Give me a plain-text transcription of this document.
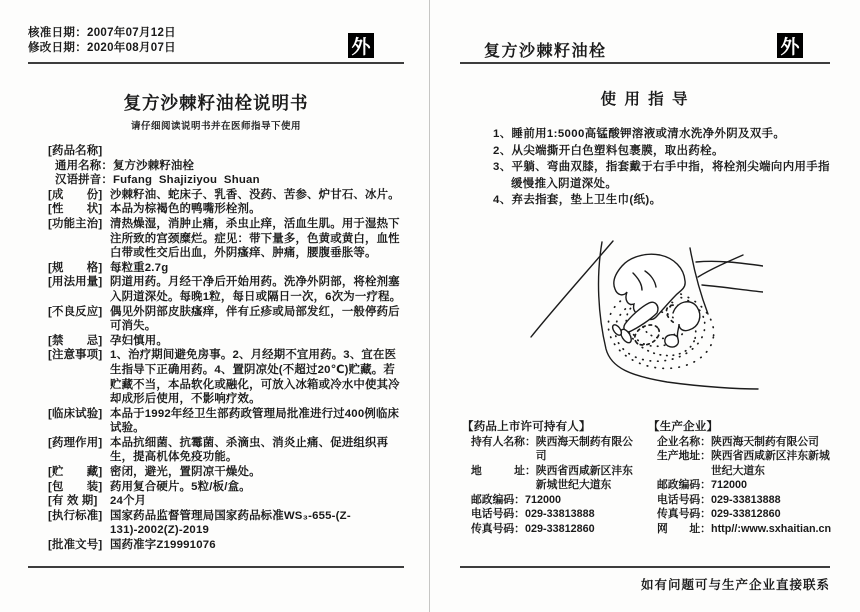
核准日期：2007年07月12日
修改日期：2020年08月07日	外
复方沙棘籽油栓说明书
请仔细阅读说明书并在医师指导下使用
[药品名称]
通用名称： 复方沙棘籽油栓
汉语拼音： Fufang  Shajiziyou  Shuan
[成　　份] 沙棘籽油、蛇床子、乳香、没药、苦参、炉甘石、冰片。
[性　　状] 本品为棕褐色的鸭嘴形栓剂。
[功能主治] 清热燥湿，消肿止痛，杀虫止痒，活血生肌。用于湿热下注所致的宫颈糜烂。症见：带下量多，色黄或黄白，血性白带或性交后出血，外阴瘙痒、肿痛，腰腹垂胀等。
[规　　格] 每粒重2.7g
[用法用量] 阴道用药。月经干净后开始用药。洗净外阴部，将栓剂塞入阴道深处。每晚1粒，每日或隔日一次，6次为一疗程。
[不良反应] 偶见外阴部皮肤瘙痒，伴有丘疹或局部发红，一般停药后可消失。
[禁　　忌] 孕妇慎用。
[注意事项] 1、治疗期间避免房事。2、月经期不宜用药。3、宜在医生指导下正确用药。4、置阴凉处(不超过20℃)贮藏。若贮藏不当，本品软化或融化，可放入冰箱或冷水中使其冷却成形后使用，不影响疗效。
[临床试验] 本品于1992年经卫生部药政管理局批准进行过400例临床试验。
[药理作用] 本品抗细菌、抗霉菌、杀滴虫、消炎止痛、促进组织再生，提高机体免疫功能。
[贮　　藏] 密闭，避光，置阴凉干燥处。
[包　　装] 药用复合硬片。5粒/板/盒。
[有 效 期]	24个月
[执行标准] 国家药品监督管理局国家药品标准WS₃-655-(Z-131)-2002(Z)-2019
[批准文号] 国药准字Z19991076
复方沙棘籽油栓	外
使 用 指 导
1、睡前用1:5000高锰酸钾溶液或清水洗净外阴及双手。
2、从尖端撕开白色塑料包裹膜，取出药栓。
3、平躺、弯曲双膝，指套戴于右手中指，将栓剂尖端向内用手指缓慢推入阴道深处。
4、弃去指套，垫上卫生巾(纸)。
【药品上市许可持有人】
持有人名称： 陕西海天制药有限公司
地　　　址： 陕西省西咸新区沣东新城世纪大道东
邮政编码： 712000
电话号码： 029-33813888
传真号码： 029-33812860
【生产企业】
企业名称： 陕西海天制药有限公司
生产地址： 陕西省西咸新区沣东新城世纪大道东
邮政编码： 712000
电话号码： 029-33813888
传真号码： 029-33812860
网　　址： http//:www.sxhaitian.cn
如有问题可与生产企业直接联系
